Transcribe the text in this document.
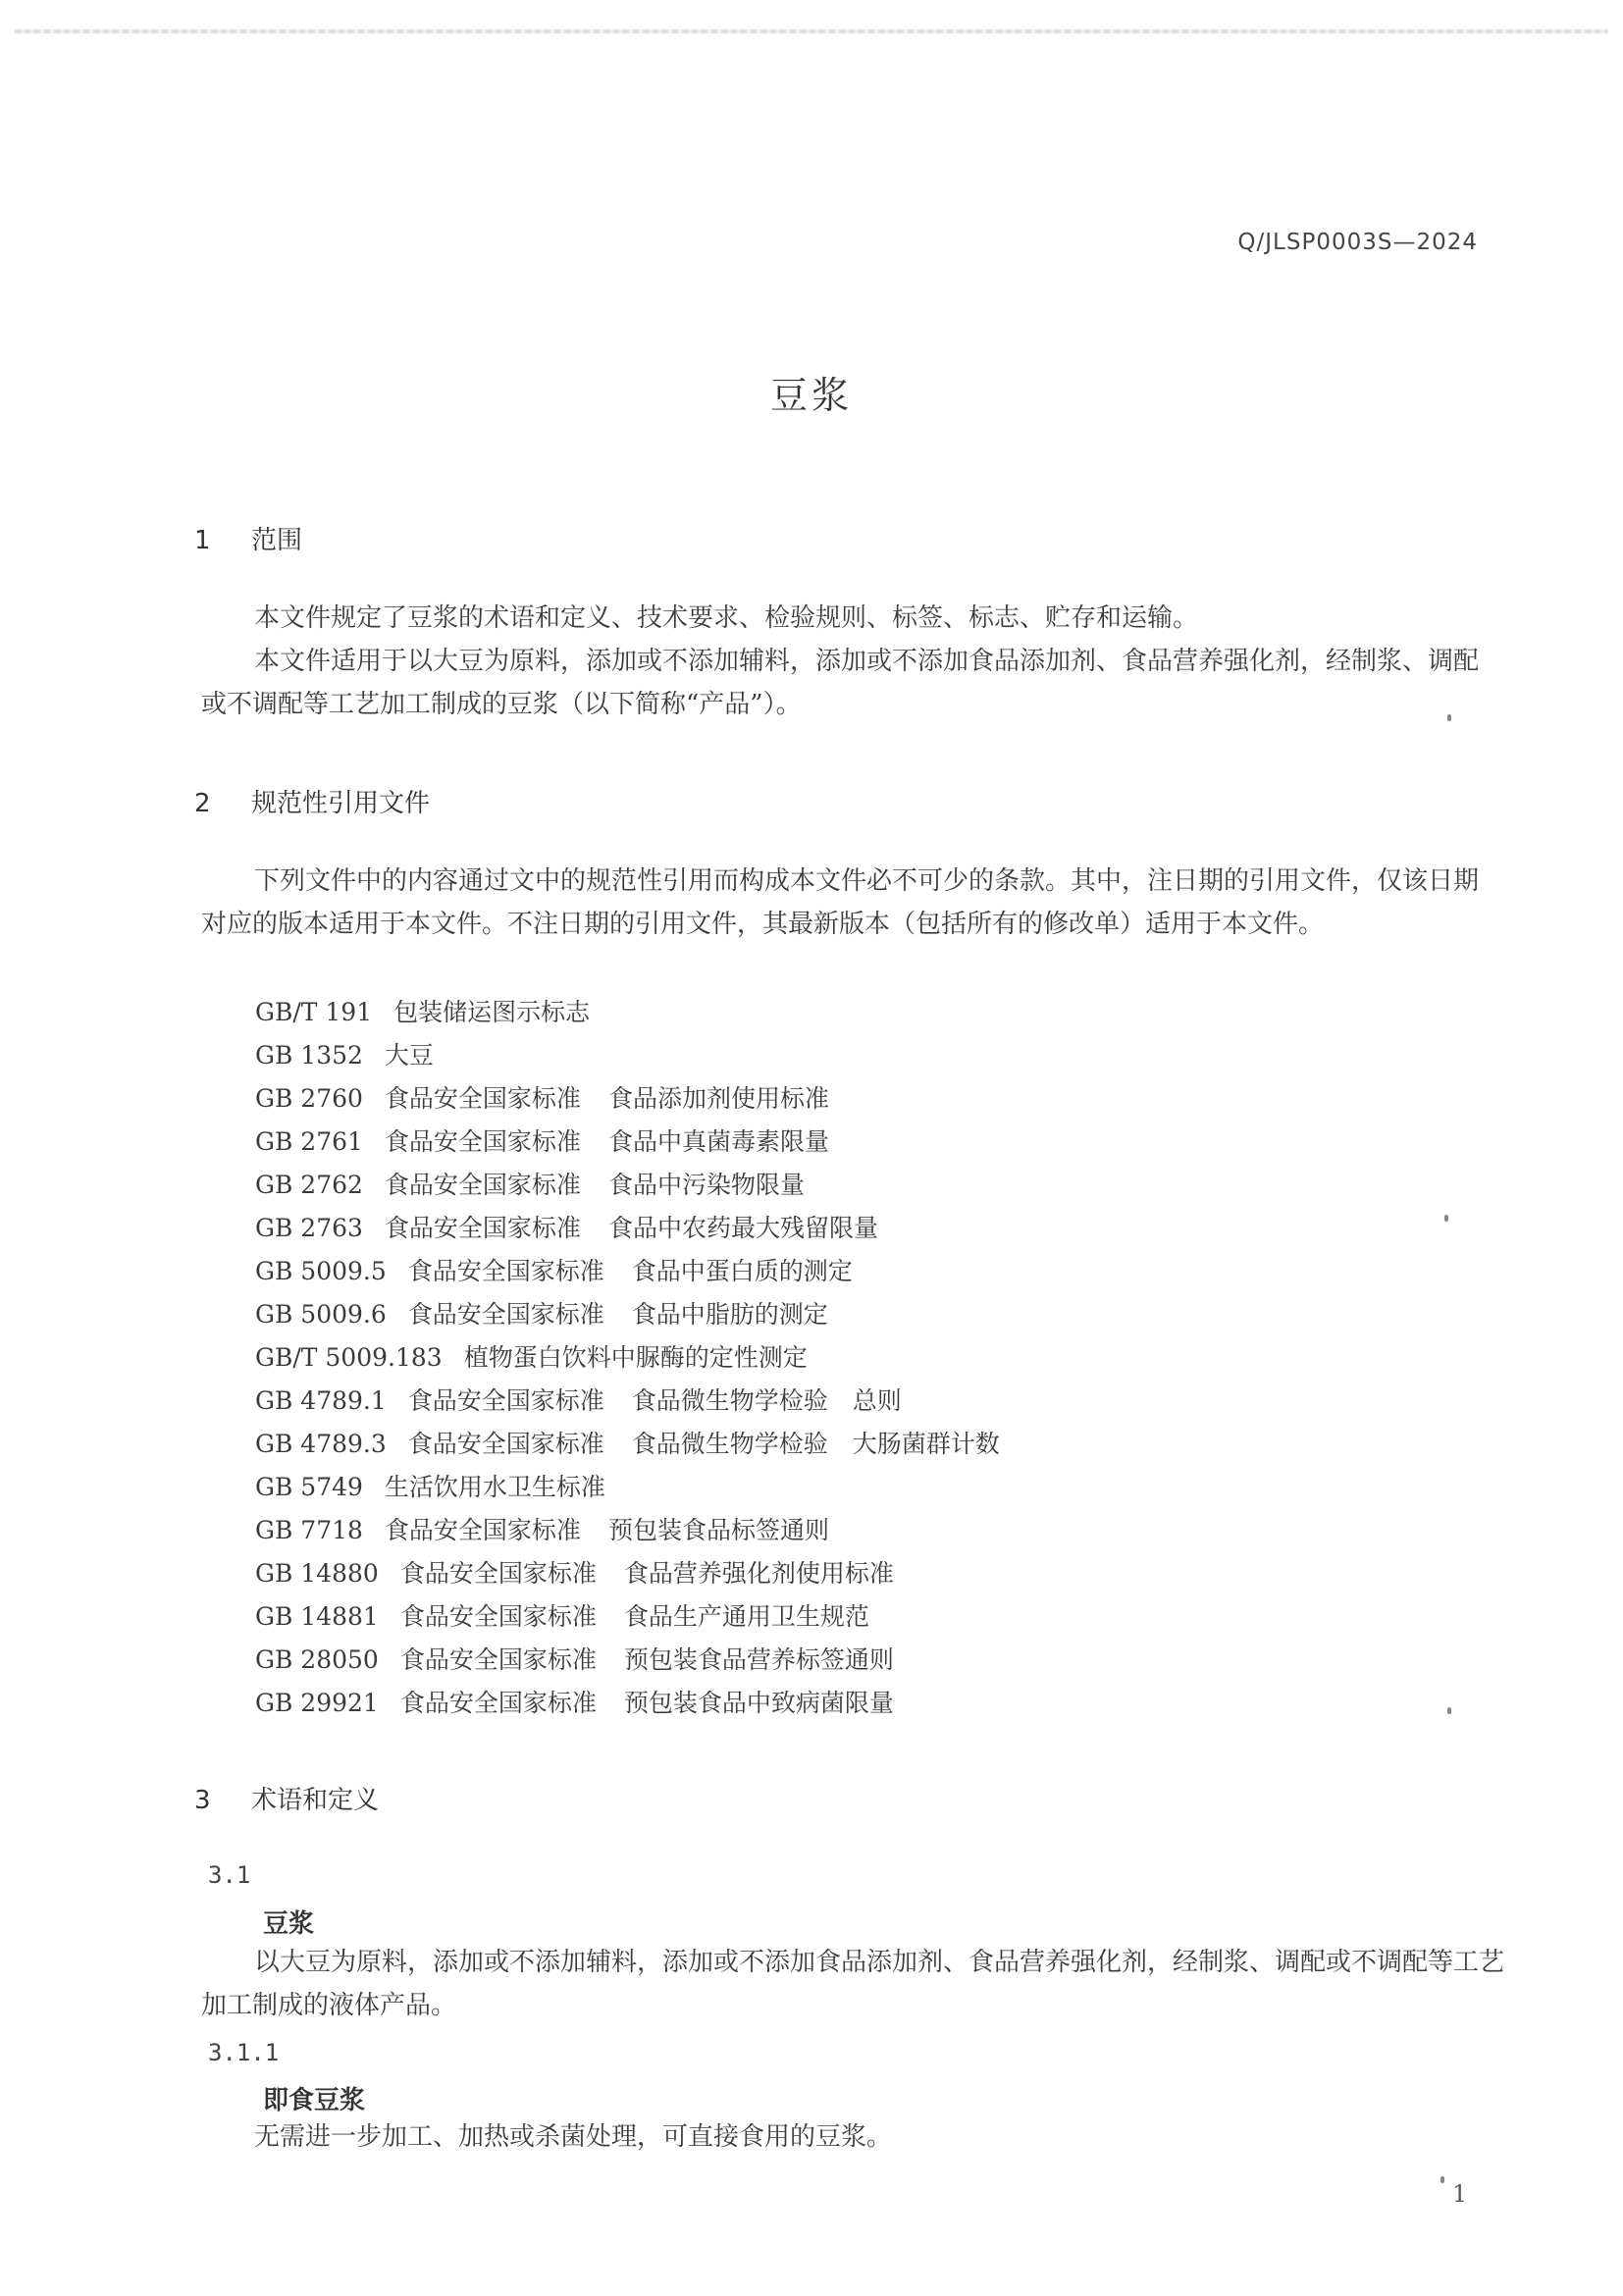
Q/JLSP0003S—2024
豆浆
1 范围
本文件规定了豆浆的术语和定义、技术要求、检验规则、标签、标志、贮存和运输。
本文件适用于以大豆为原料，添加或不添加辅料，添加或不添加食品添加剂、食品营养强化剂，经制浆、调配或不调配等工艺加工制成的豆浆（以下简称“产品”）。
2 规范性引用文件
下列文件中的内容通过文中的规范性引用而构成本文件必不可少的条款。其中，注日期的引用文件，仅该日期对应的版本适用于本文件。不注日期的引用文件，其最新版本（包括所有的修改单）适用于本文件。
GB/T 191 包装储运图示标志
GB 1352 大豆
GB 2760 食品安全国家标准 食品添加剂使用标准
GB 2761 食品安全国家标准 食品中真菌毒素限量
GB 2762 食品安全国家标准 食品中污染物限量
GB 2763 食品安全国家标准 食品中农药最大残留限量
GB 5009.5 食品安全国家标准 食品中蛋白质的测定
GB 5009.6 食品安全国家标准 食品中脂肪的测定
GB/T 5009.183 植物蛋白饮料中脲酶的定性测定
GB 4789.1 食品安全国家标准 食品微生物学检验　总则
GB 4789.3 食品安全国家标准 食品微生物学检验　大肠菌群计数
GB 5749 生活饮用水卫生标准
GB 7718 食品安全国家标准 预包装食品标签通则
GB 14880 食品安全国家标准 食品营养强化剂使用标准
GB 14881 食品安全国家标准 食品生产通用卫生规范
GB 28050 食品安全国家标准 预包装食品营养标签通则
GB 29921 食品安全国家标准 预包装食品中致病菌限量
3 术语和定义
3.1
豆浆
以大豆为原料，添加或不添加辅料，添加或不添加食品添加剂、食品营养强化剂，经制浆、调配或不调配等工艺加工制成的液体产品。
3.1.1
即食豆浆
无需进一步加工、加热或杀菌处理，可直接食用的豆浆。
1
